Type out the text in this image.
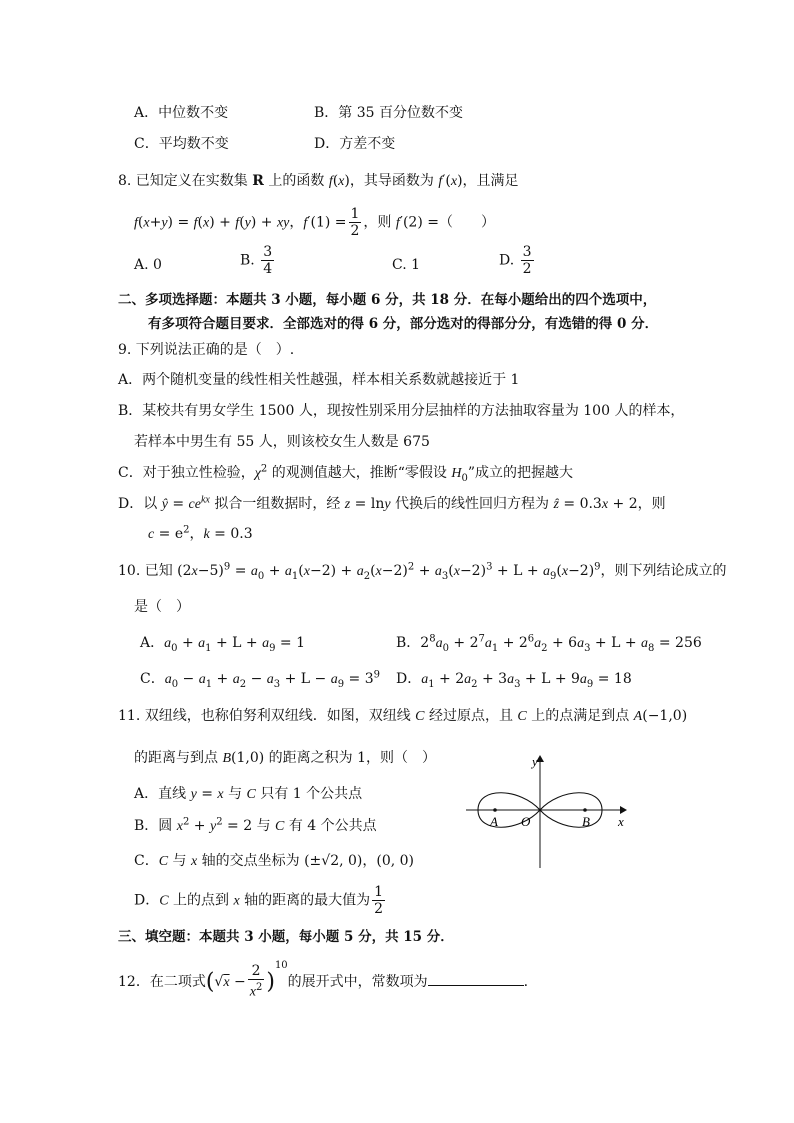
A．中位数不变	B．第 35 百分位数不变
C．平均数不变	D．方差不变
8. 已知定义在实数集 R 上的函数 f(x)，其导函数为 f′(x)，且满足
f(x+y) = f(x) + f(y) + xy，$f'(1) = \frac{1}{2}$ ，则 f′(2) =（　　）
A. 0	B. $\frac{3}{4}$	C. 1	D. $\frac{3}{2}$
二、多项选择题：本题共 3 小题，每小题 6 分，共 18 分．在每小题给出的四个选项中，
有多项符合题目要求．全部选对的得 6 分，部分选对的得部分分，有选错的得 0 分．
9. 下列说法正确的是（　）.
A．两个随机变量的线性相关性越强，样本相关系数就越接近于 1
B．某校共有男女学生 1500 人，现按性别采用分层抽样的方法抽取容量为 100 人的样本，
若样本中男生有 55 人，则该校女生人数是 675
C．对于独立性检验，$\chi^2$ 的观测值越大，推断“零假设 $H_0$”成立的把握越大
D．以 ŷ = $ce^{kx}$ 拟合一组数据时，经 z = lny 代换后的线性回归方程为 ẑ = 0.3x + 2，则
$c = e^2$，k = 0.3
10. 已知 $(2x-5)^9 = a_0 + a_1(x-2) + a_2(x-2)^2 + a_3(x-2)^3 + L + a_9(x-2)^9$，则下列结论成立的
是（　）
A．$a_0 + a_1 + L + a_9 = 1$	B．$2^8a_0 + 2^7a_1 + 2^6a_2 + 6a_3 + L + a_8 = 256$
C．$a_0 - a_1 + a_2 - a_3 + L - a_9 = 3^9$ D．$a_1 + 2a_2 + 3a_3 + L + 9a_9 = 18$
11. 双纽线，也称伯努利双纽线．如图，双纽线 C 经过原点，且 C 上的点满足到点 A(−1,0)
的距离与到点 B(1,0) 的距离之积为 1，则（　）
A．直线 y = x 与 C 只有 1 个公共点
B．圆 $x^2 + y^2 = 2$ 与 C 有 4 个公共点
C．C 与 x 轴的交点坐标为 (±√2, 0)，(0, 0)
D．C 上的点到 x 轴的距离的最大值为 $\frac{1}{2}$
y
x
A O	B
三、填空题：本题共 3 小题，每小题 5 分，共 15 分．
12．在二项式$(√x - \frac{2}{x^2} )^{10}$的展开式中，常数项为	.
